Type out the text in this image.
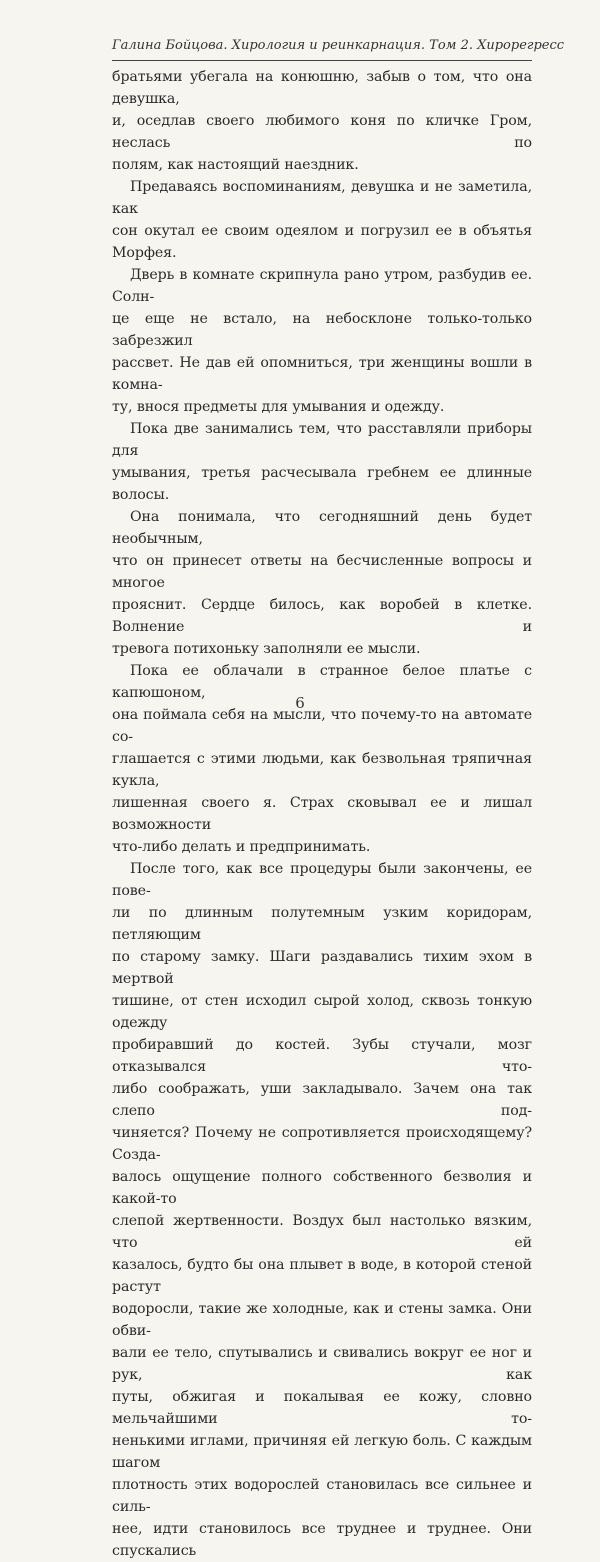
Галина Бойцова. Хирология и реинкарнация. Том 2. Хирорегресс

братьями убегала на конюшню, забыв о том, что она девушка,
и, оседлав своего любимого коня по кличке Гром, неслась по
полям, как настоящий наездник.

Предаваясь воспоминаниям, девушка и не заметила, как
сон окутал ее своим одеялом и погрузил ее в объятья Морфея.

Дверь в комнате скрипнула рано утром, разбудив ее. Солн-
це еще не встало, на небосклоне только-только забрезжил
рассвет. Не дав ей опомниться, три женщины вошли в комна-
ту, внося предметы для умывания и одежду.

Пока две занимались тем, что расставляли приборы для
умывания, третья расчесывала гребнем ее длинные волосы.

Она понимала, что сегодняшний день будет необычным,
что он принесет ответы на бесчисленные вопросы и многое
прояснит. Сердце билось, как воробей в клетке. Волнение и
тревога потихоньку заполняли ее мысли.

Пока ее облачали в странное белое платье с капюшоном,
она поймала себя на мысли, что почему-то на автомате со-
глашается с этими людьми, как безвольная тряпичная кукла,
лишенная своего я. Страх сковывал ее и лишал возможности
что-либо делать и предпринимать.

После того, как все процедуры были закончены, ее пове-
ли по длинным полутемным узким коридорам, петляющим
по старому замку. Шаги раздавались тихим эхом в мертвой
тишине, от стен исходил сырой холод, сквозь тонкую одежду
пробиравший до костей. Зубы стучали, мозг отказывался что-
либо соображать, уши закладывало. Зачем она так слепо под-
чиняется? Почему не сопротивляется происходящему? Созда-
валось ощущение полного собственного безволия и какой-то
слепой жертвенности. Воздух был настолько вязким, что ей
казалось, будто бы она плывет в воде, в которой стеной растут
водоросли, такие же холодные, как и стены замка. Они обви-
вали ее тело, спутывались и свивались вокруг ее ног и рук, как
путы, обжигая и покалывая ее кожу, словно мельчайшими то-
ненькими иглами, причиняя ей легкую боль. С каждым шагом
плотность этих водорослей становилась все сильнее и силь-
нее, идти становилось все труднее и труднее. Они спускались

6
